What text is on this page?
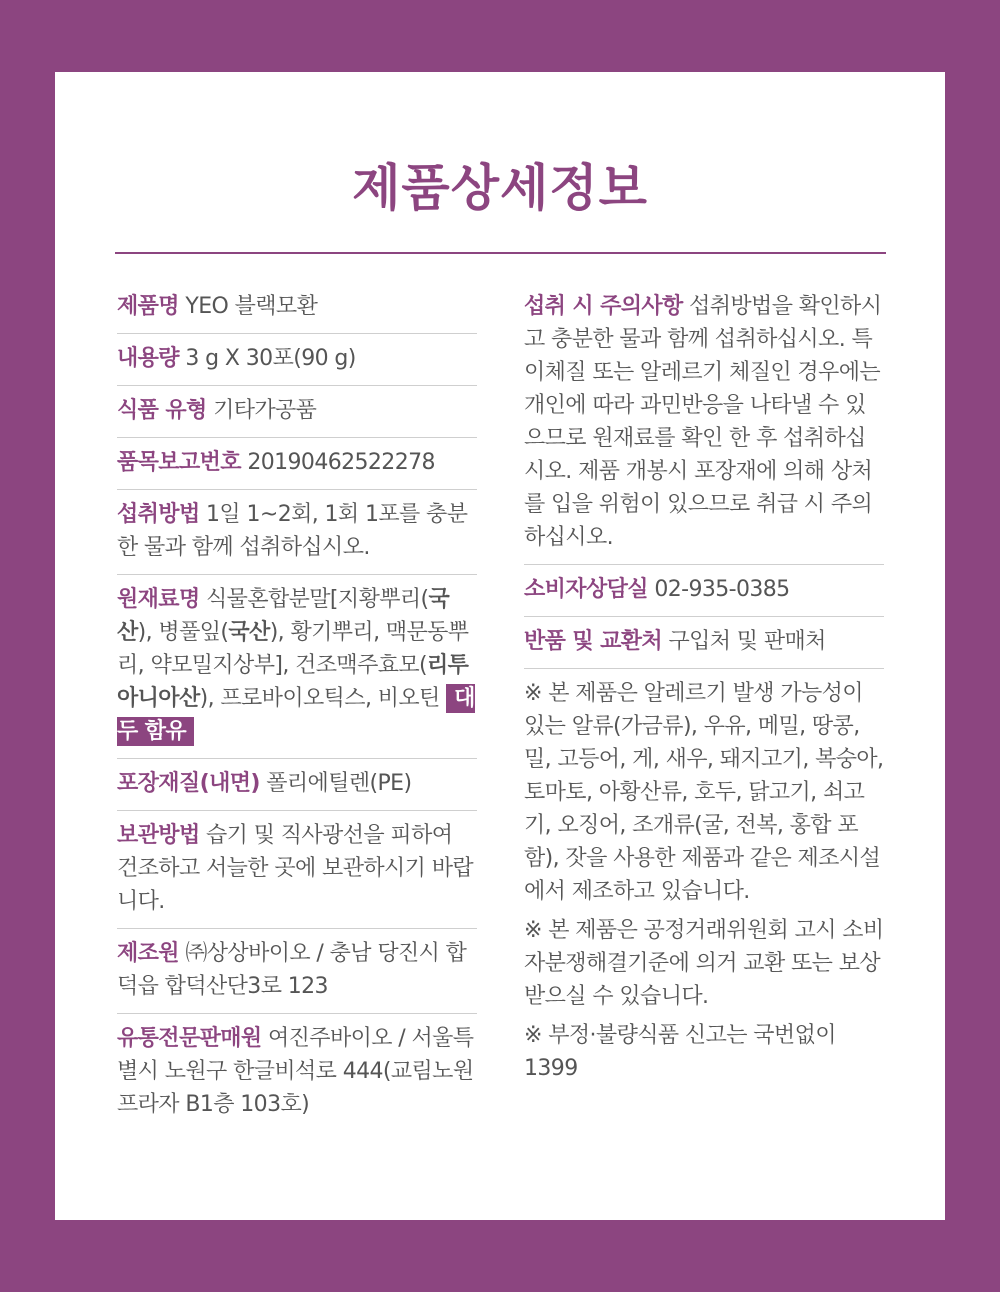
제품상세정보
제품명 YEO 블랙모환
내용량 3 g X 30포(90 g)
식품 유형 기타가공품
품목보고번호 20190462522278
섭취방법 1일 1~2회, 1회 1포를 충분한 물과 함께 섭취하십시오.
원재료명 식물혼합분말[지황뿌리(국산), 병풀잎(국산), 황기뿌리, 맥문동뿌리, 약모밀지상부], 건조맥주효모(리투아니아산), 프로바이오틱스, 비오틴 대두 함유
포장재질(내면) 폴리에틸렌(PE)
보관방법 습기 및 직사광선을 피하여 건조하고 서늘한 곳에 보관하시기 바랍니다.
제조원 ㈜상상바이오 / 충남 당진시 합덕읍 합덕산단3로 123
유통전문판매원 여진주바이오 / 서울특별시 노원구 한글비석로 444(교림노원프라자 B1층 103호)
섭취 시 주의사항 섭취방법을 확인하시고 충분한 물과 함께 섭취하십시오. 특이체질 또는 알레르기 체질인 경우에는 개인에 따라 과민반응을 나타낼 수 있으므로 원재료를 확인 한 후 섭취하십시오. 제품 개봉시 포장재에 의해 상처를 입을 위험이 있으므로 취급 시 주의하십시오.
소비자상담실 02-935-0385
반품 및 교환처 구입처 및 판매처

※ 본 제품은 알레르기 발생 가능성이 있는 알류(가금류), 우유, 메밀, 땅콩, 밀, 고등어, 게, 새우, 돼지고기, 복숭아, 토마토, 아황산류, 호두, 닭고기, 쇠고기, 오징어, 조개류(굴, 전복, 홍합 포함), 잣을 사용한 제품과 같은 제조시설에서 제조하고 있습니다.

※ 본 제품은 공정거래위원회 고시 소비자분쟁해결기준에 의거 교환 또는 보상받으실 수 있습니다.

※ 부정·불량식품 신고는 국번없이 1399
